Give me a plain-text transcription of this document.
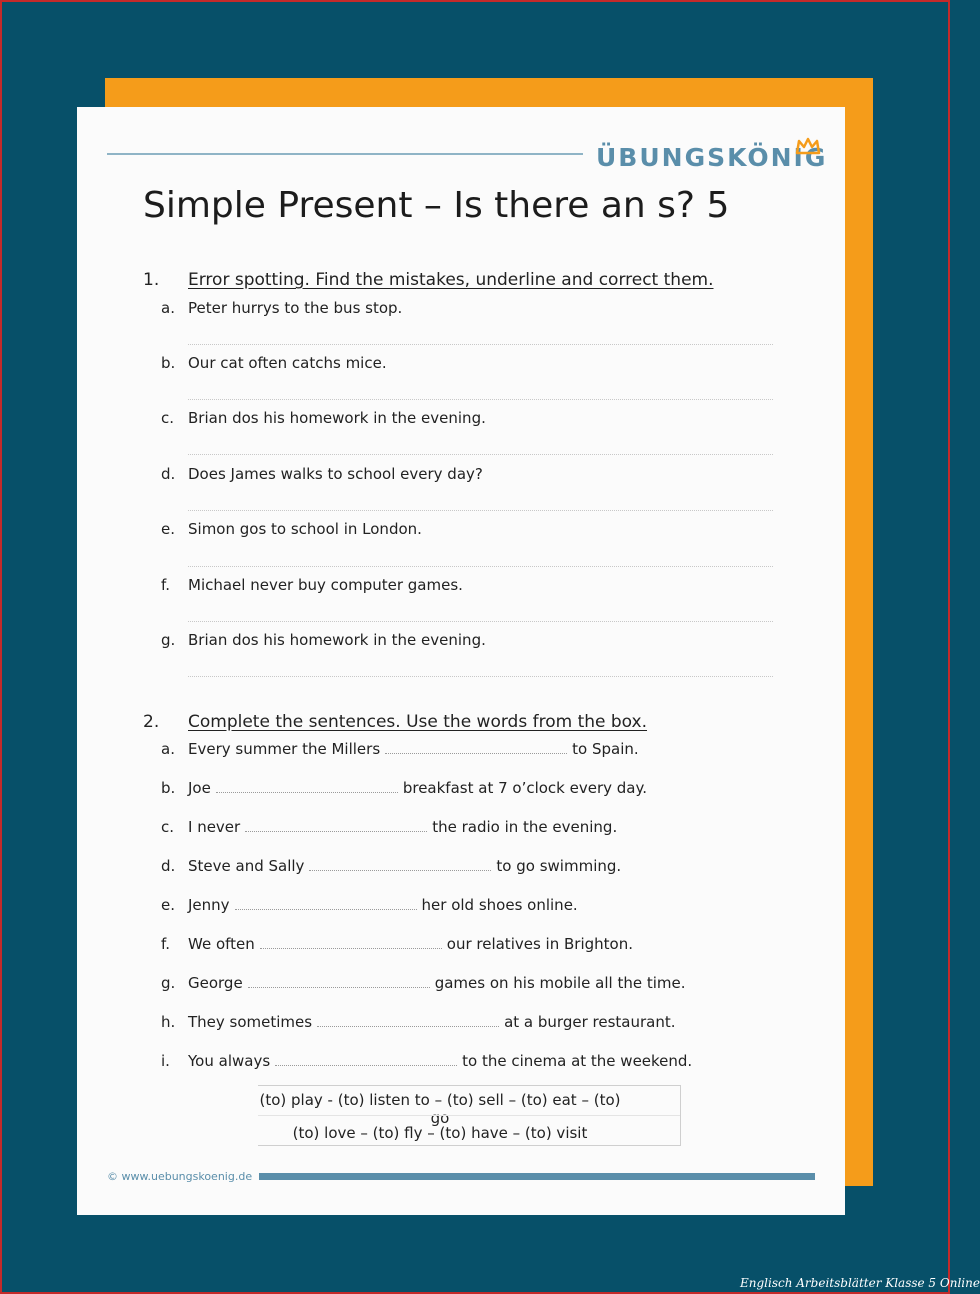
ÜBUNGSKÖNIG
Simple Present – Is there an s? 5
1. Error spotting. Find the mistakes, underline and correct them.
a. Peter hurrys to the bus stop.
b. Our cat often catchs mice.
c. Brian dos his homework in the evening.
d. Does James walks to school every day?
e. Simon gos to school in London.
f.	Michael never buy computer games.
g. Brian dos his homework in the evening.
2. Complete the sentences. Use the words from the box.
a. Every summer the Millers	to Spain.
b. Joe	breakfast at 7 o’clock every day.
c. I never	the radio in the evening.
d. Steve and Sally	to go swimming.
e. Jenny	her old shoes online.
f.	We often	our relatives in Brighton.
g. George	games on his mobile all the time.
h. They sometimes	at a burger restaurant.
i.	You always	to the cinema at the weekend.
(to) play - (to) listen to – (to) sell – (to) eat – (to) go
(to) love – (to) fly – (to) have – (to) visit
© www.uebungskoenig.de
Englisch Arbeitsblätter Klasse 5 Online
